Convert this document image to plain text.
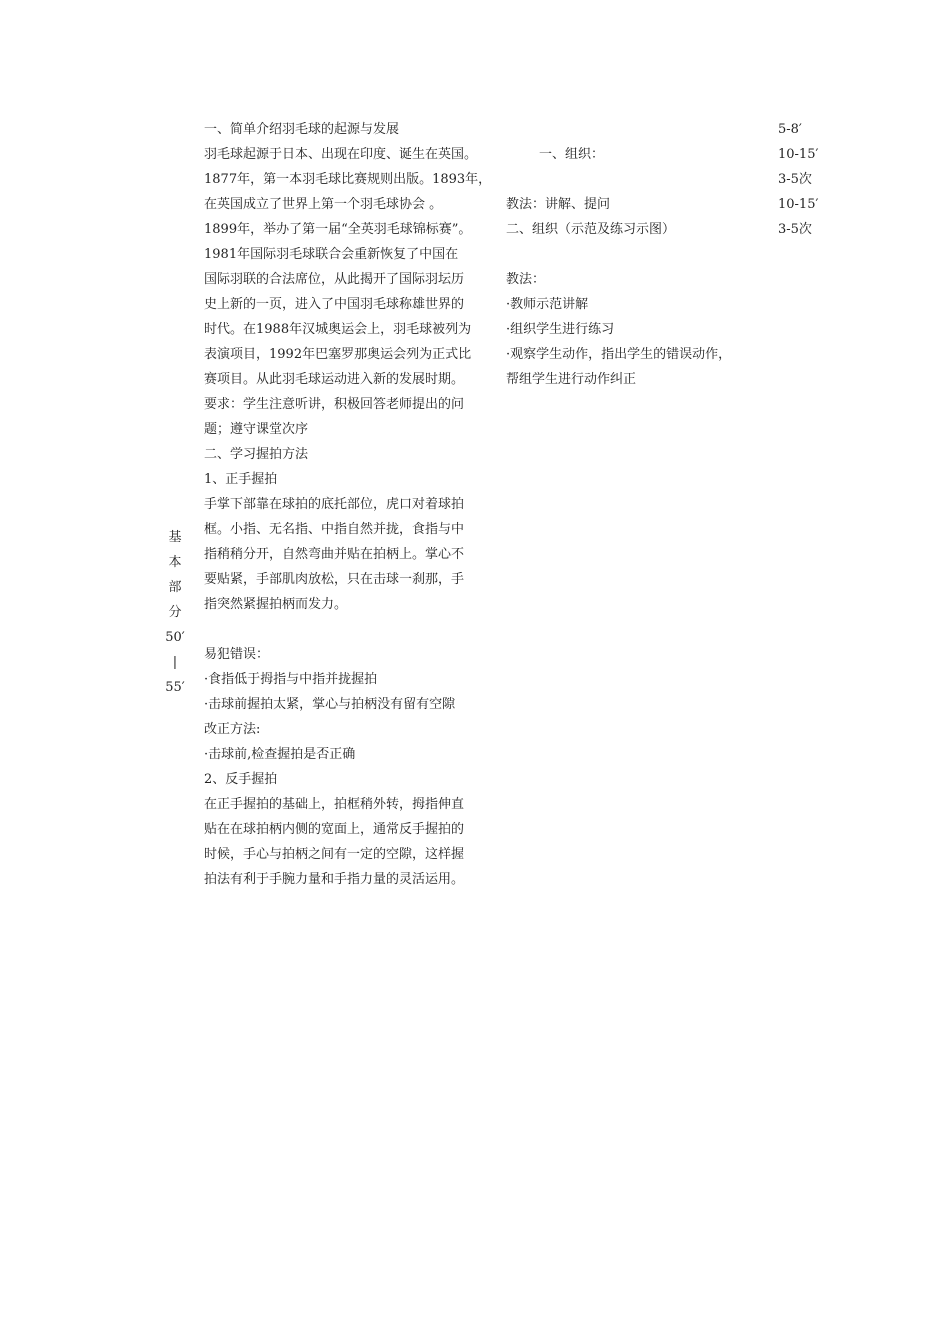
基
本
部
分
50′
|
55′
一、简单介绍羽毛球的起源与发展
羽毛球起源于日本、出现在印度、诞生在英国。
1877年，第一本羽毛球比赛规则出版。1893年，
在英国成立了世界上第一个羽毛球协会 。
1899年，举办了第一届“全英羽毛球锦标赛”。
1981年国际羽毛球联合会重新恢复了中国在
国际羽联的合法席位，从此揭开了国际羽坛历
史上新的一页，进入了中国羽毛球称雄世界的
时代。在1988年汉城奥运会上，羽毛球被列为
表演项目，1992年巴塞罗那奥运会列为正式比
赛项目。从此羽毛球运动进入新的发展时期。
要求：学生注意听讲，积极回答老师提出的问
题；遵守课堂次序
二、学习握拍方法
1、正手握拍
手掌下部靠在球拍的底托部位，虎口对着球拍
框。小指、无名指、中指自然并拢，食指与中
指稍稍分开，自然弯曲并贴在拍柄上。掌心不
要贴紧，手部肌肉放松，只在击球一刹那，手
指突然紧握拍柄而发力。
易犯错误：
·食指低于拇指与中指并拢握拍
·击球前握拍太紧，掌心与拍柄没有留有空隙
改正方法:
·击球前,检查握拍是否正确
2、反手握拍
在正手握拍的基础上，拍框稍外转，拇指伸直
贴在在球拍柄内侧的宽面上，通常反手握拍的
时候，手心与拍柄之间有一定的空隙，这样握
拍法有利于手腕力量和手指力量的灵活运用。
一、组织：
教法：讲解、提问
二、组织（示范及练习示图）
教法：
·教师示范讲解
·组织学生进行练习
·观察学生动作，指出学生的错误动作，
帮组学生进行动作纠正
5-8′
10-15′
3-5次
10-15′
3-5次
